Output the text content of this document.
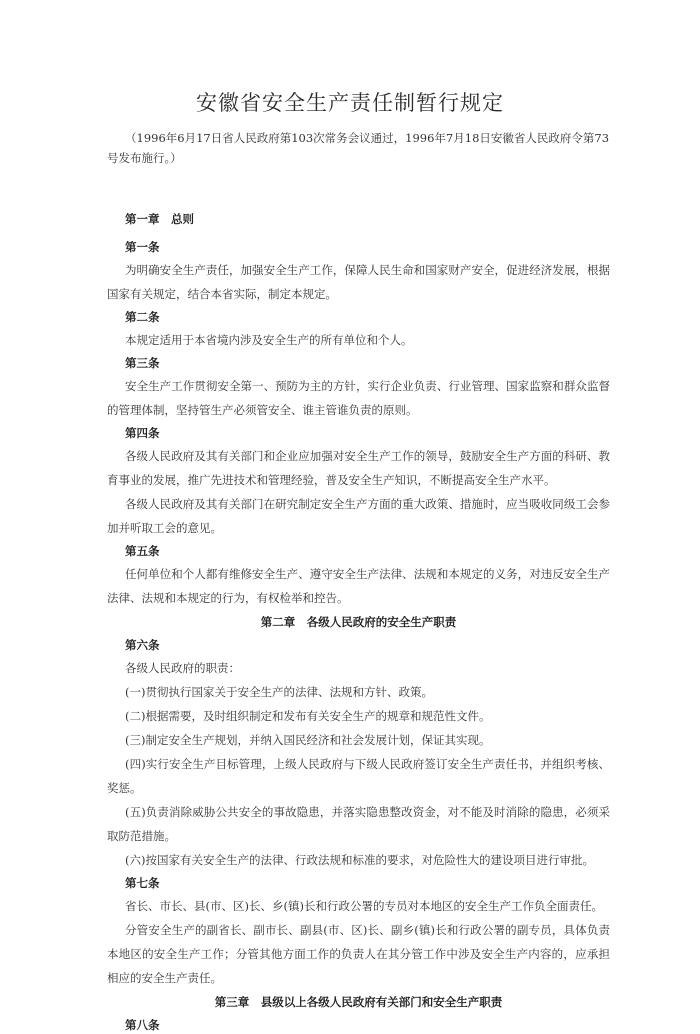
安徽省安全生产责任制暂行规定

（1996年6月17日省人民政府第103次常务会议通过，1996年7月18日安徽省人民政府令第73号发布施行。）

第一章　总则
第一条

为明确安全生产责任，加强安全生产工作，保障人民生命和国家财产安全，促进经济发展，根据国家有关规定，结合本省实际，制定本规定。

第二条

本规定适用于本省境内涉及安全生产的所有单位和个人。

第三条

安全生产工作贯彻安全第一、预防为主的方针，实行企业负责、行业管理、国家监察和群众监督的管理体制，坚持管生产必须管安全、谁主管谁负责的原则。

第四条

各级人民政府及其有关部门和企业应加强对安全生产工作的领导，鼓励安全生产方面的科研、教育事业的发展，推广先进技术和管理经验，普及安全生产知识，不断提高安全生产水平。

各级人民政府及其有关部门在研究制定安全生产方面的重大政策、措施时，应当吸收同级工会参加并听取工会的意见。

第五条

任何单位和个人都有维修安全生产、遵守安全生产法律、法规和本规定的义务，对违反安全生产法律、法规和本规定的行为，有权检举和控告。

第二章　各级人民政府的安全生产职责
第六条

各级人民政府的职责：

(一)贯彻执行国家关于安全生产的法律、法规和方针、政策。

(二)根据需要，及时组织制定和发布有关安全生产的规章和规范性文件。

(三)制定安全生产规划，并纳入国民经济和社会发展计划，保证其实现。

(四)实行安全生产目标管理，上级人民政府与下级人民政府签订安全生产责任书，并组织考核、奖惩。

(五)负责消除威胁公共安全的事故隐患，并落实隐患整改资金，对不能及时消除的隐患，必须采取防范措施。

(六)按国家有关安全生产的法律、行政法规和标准的要求，对危险性大的建设项目进行审批。

第七条

省长、市长、县(市、区)长、乡(镇)长和行政公署的专员对本地区的安全生产工作负全面责任。

分管安全生产的副省长、副市长、副县(市、区)长、副乡(镇)长和行政公署的副专员，具体负责本地区的安全生产工作；分管其他方面工作的负责人在其分管工作中涉及安全生产内容的，应承担相应的安全生产责任。

第三章　县级以上各级人民政府有关部门和安全生产职责
第八条
